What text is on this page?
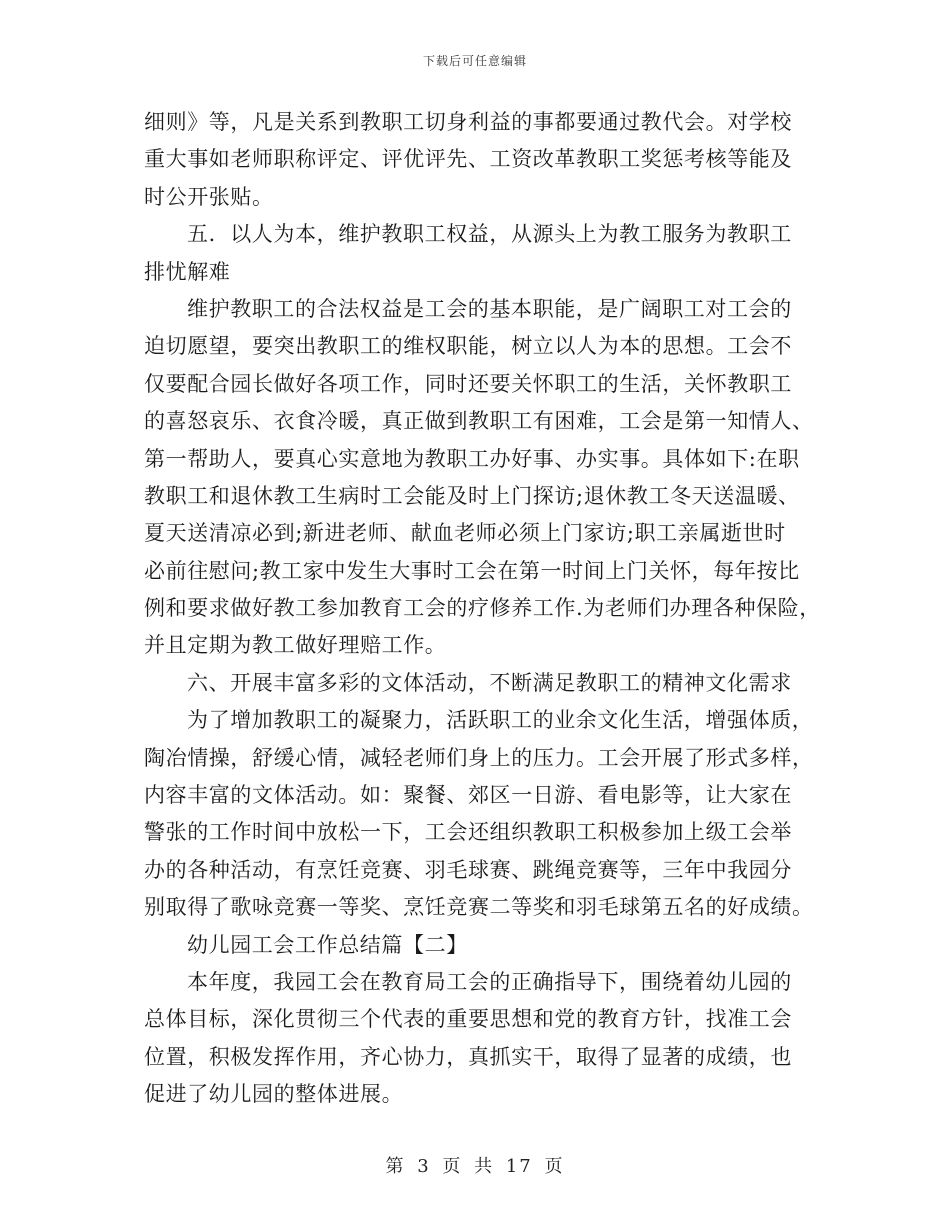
下载后可任意编辑
细则》等，凡是关系到教职工切身利益的事都要通过教代会。对学校
重大事如老师职称评定、评优评先、工资改革教职工奖惩考核等能及
时公开张贴。
五．以人为本，维护教职工权益，从源头上为教工服务为教职工
排忧解难
维护教职工的合法权益是工会的基本职能，是广阔职工对工会的
迫切愿望，要突出教职工的维权职能，树立以人为本的思想。工会不
仅要配合园长做好各项工作，同时还要关怀职工的生活，关怀教职工
的喜怒哀乐、衣食冷暖，真正做到教职工有困难，工会是第一知情人、
第一帮助人，要真心实意地为教职工办好事、办实事。具体如下:在职
教职工和退休教工生病时工会能及时上门探访;退休教工冬天送温暖、
夏天送清凉必到;新进老师、献血老师必须上门家访;职工亲属逝世时
必前往慰问;教工家中发生大事时工会在第一时间上门关怀，每年按比
例和要求做好教工参加教育工会的疗修养工作.为老师们办理各种保险，
并且定期为教工做好理赔工作。
六、开展丰富多彩的文体活动，不断满足教职工的精神文化需求
为了增加教职工的凝聚力，活跃职工的业余文化生活，增强体质，
陶冶情操，舒缓心情，减轻老师们身上的压力。工会开展了形式多样，
内容丰富的文体活动。如：聚餐、郊区一日游、看电影等，让大家在
警张的工作时间中放松一下，工会还组织教职工积极参加上级工会举
办的各种活动，有烹饪竞赛、羽毛球赛、跳绳竞赛等，三年中我园分
别取得了歌咏竞赛一等奖、烹饪竞赛二等奖和羽毛球第五名的好成绩。
幼儿园工会工作总结篇【二】
本年度，我园工会在教育局工会的正确指导下，围绕着幼儿园的
总体目标，深化贯彻三个代表的重要思想和党的教育方针，找准工会
位置，积极发挥作用，齐心协力，真抓实干，取得了显著的成绩，也
促进了幼儿园的整体进展。
第 3 页 共 17 页
